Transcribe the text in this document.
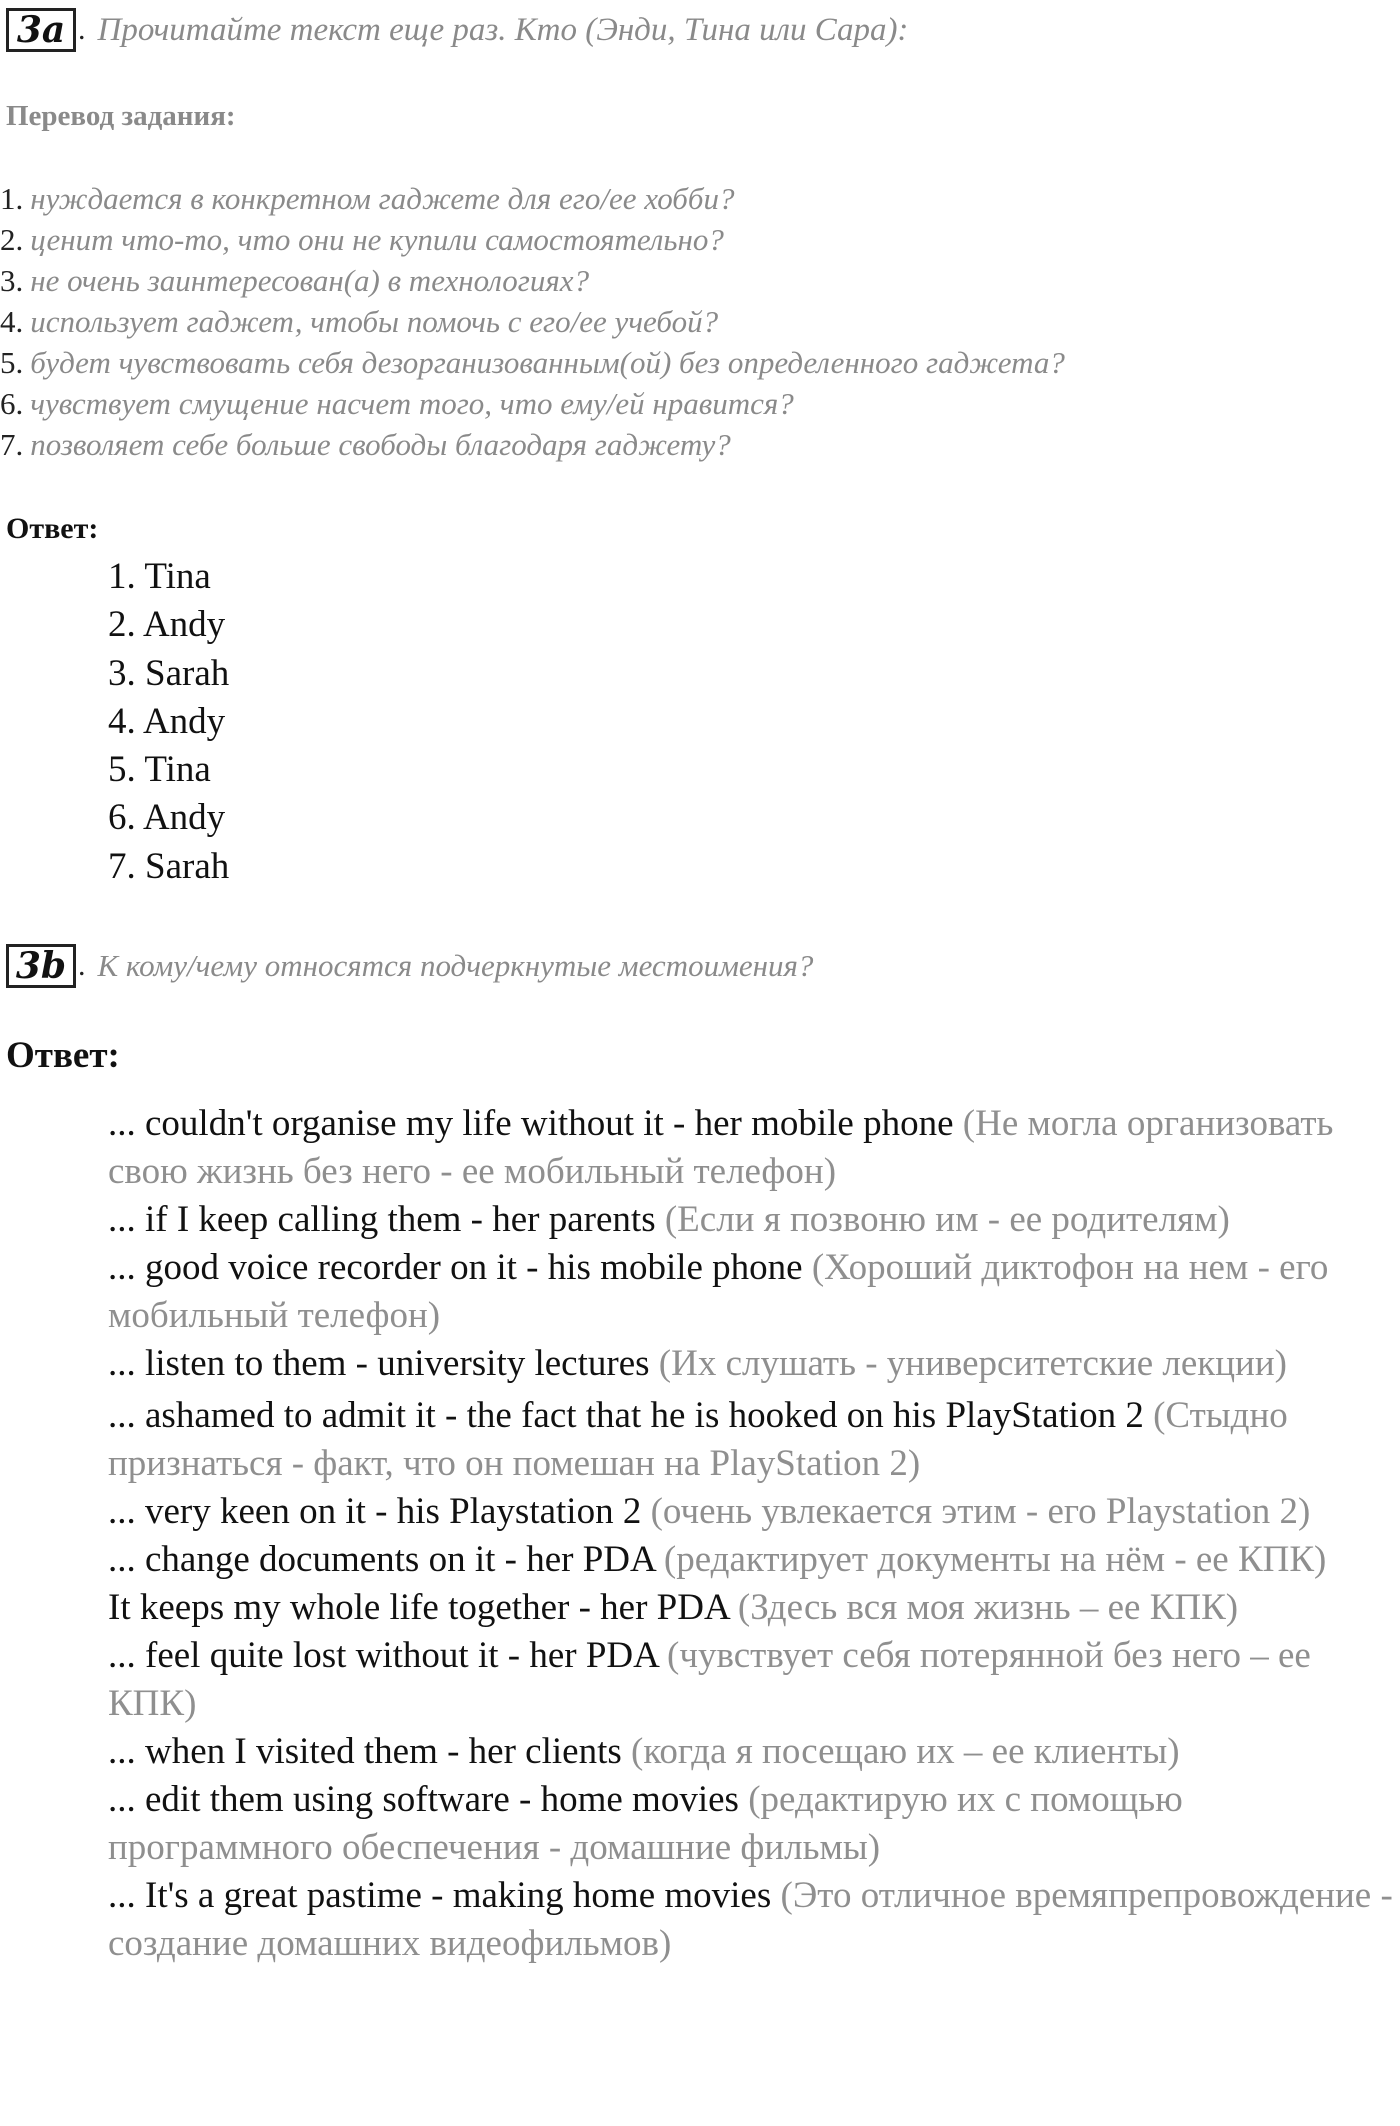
3a . Прочитайте текст еще раз. Кто (Энди, Тина или Сара):
Перевод задания:
1. нуждается в конкретном гаджете для его/ее хобби?
2. ценит что-то, что они не купили самостоятельно?
3. не очень заинтересован(а) в технологиях?
4. использует гаджет, чтобы помочь с его/ее учебой?
5. будет чувствовать себя дезорганизованным(ой) без определенного гаджета?
6. чувствует смущение насчет того, что ему/ей нравится?
7. позволяет себе больше свободы благодаря гаджету?
Ответ:
1. Tina
2. Andy
3. Sarah
4. Andy
5. Tina
6. Andy
7. Sarah
3b . К кому/чему относятся подчеркнутые местоимения?
Ответ:
... couldn't organise my life without it - her mobile phone (Не могла организовать свою жизнь без него - ее мобильный телефон)
... if I keep calling them - her parents (Если я позвоню им - ее родителям)
... good voice recorder on it - his mobile phone (Хороший диктофон на нем - его мобильный телефон)
... listen to them - university lectures (Их слушать - университетские лекции)
... ashamed to admit it - the fact that he is hooked on his PlayStation 2 (Стыдно признаться - факт, что он помешан на PlayStation 2)
... very keen on it - his Playstation 2 (очень увлекается этим - его Playstation 2)
... change documents on it - her PDA (редактирует документы на нём - ее КПК)
It keeps my whole life together - her PDA (Здесь вся моя жизнь – ее КПК)
... feel quite lost without it - her PDA (чувствует себя потерянной без него – ее КПК)
... when I visited them - her clients (когда я посещаю их – ее клиенты)
... edit them using software - home movies (редактирую их с помощью программного обеспечения - домашние фильмы)
... It's a great pastime - making home movies (Это отличное времяпрепровождение - создание домашних видеофильмов)
